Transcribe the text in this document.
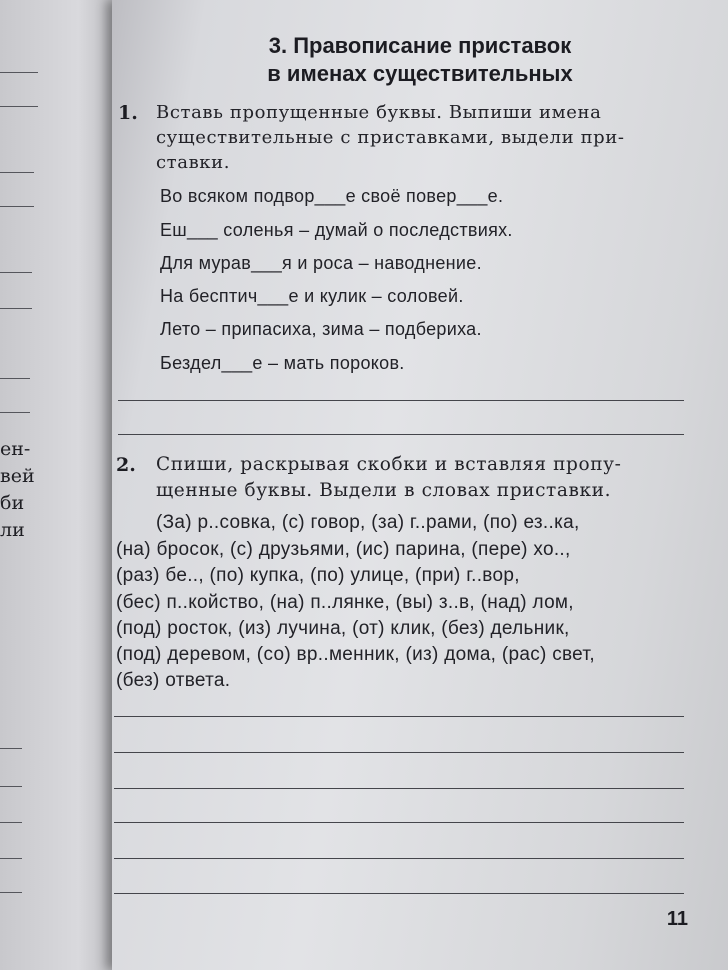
ен-
вей
би
ли
3. Правописание приставок
в именах существительных
1. Вставь пропущенные буквы. Выпиши имена
существительные с приставками, выдели при-
ставки.
Во всяком подвор___е своё повер___е.
Еш___ соленья – думай о последствиях.
Для мурав___я и роса – наводнение.
На бесптич___е и кулик – соловей.
Лето – припасиха, зима – подбериха.
Бездел___е – мать пороков.
2. Спиши, раскрывая скобки и вставляя пропу-
щенные буквы. Выдели в словах приставки.
(За) р..совка, (с) говор, (за) г..рами, (по) ез..ка,
(на) бросок, (с) друзьями, (ис) парина, (пере) хо..,
(раз) бе.., (по) купка, (по) улице, (при) г..вор,
(бес) п..койство, (на) п..лянке, (вы) з..в, (над) лом,
(под) росток, (из) лучина, (от) клик, (без) дельник,
(под) деревом, (со) вр..менник, (из) дома, (рас) свет,
(без) ответа.
11
